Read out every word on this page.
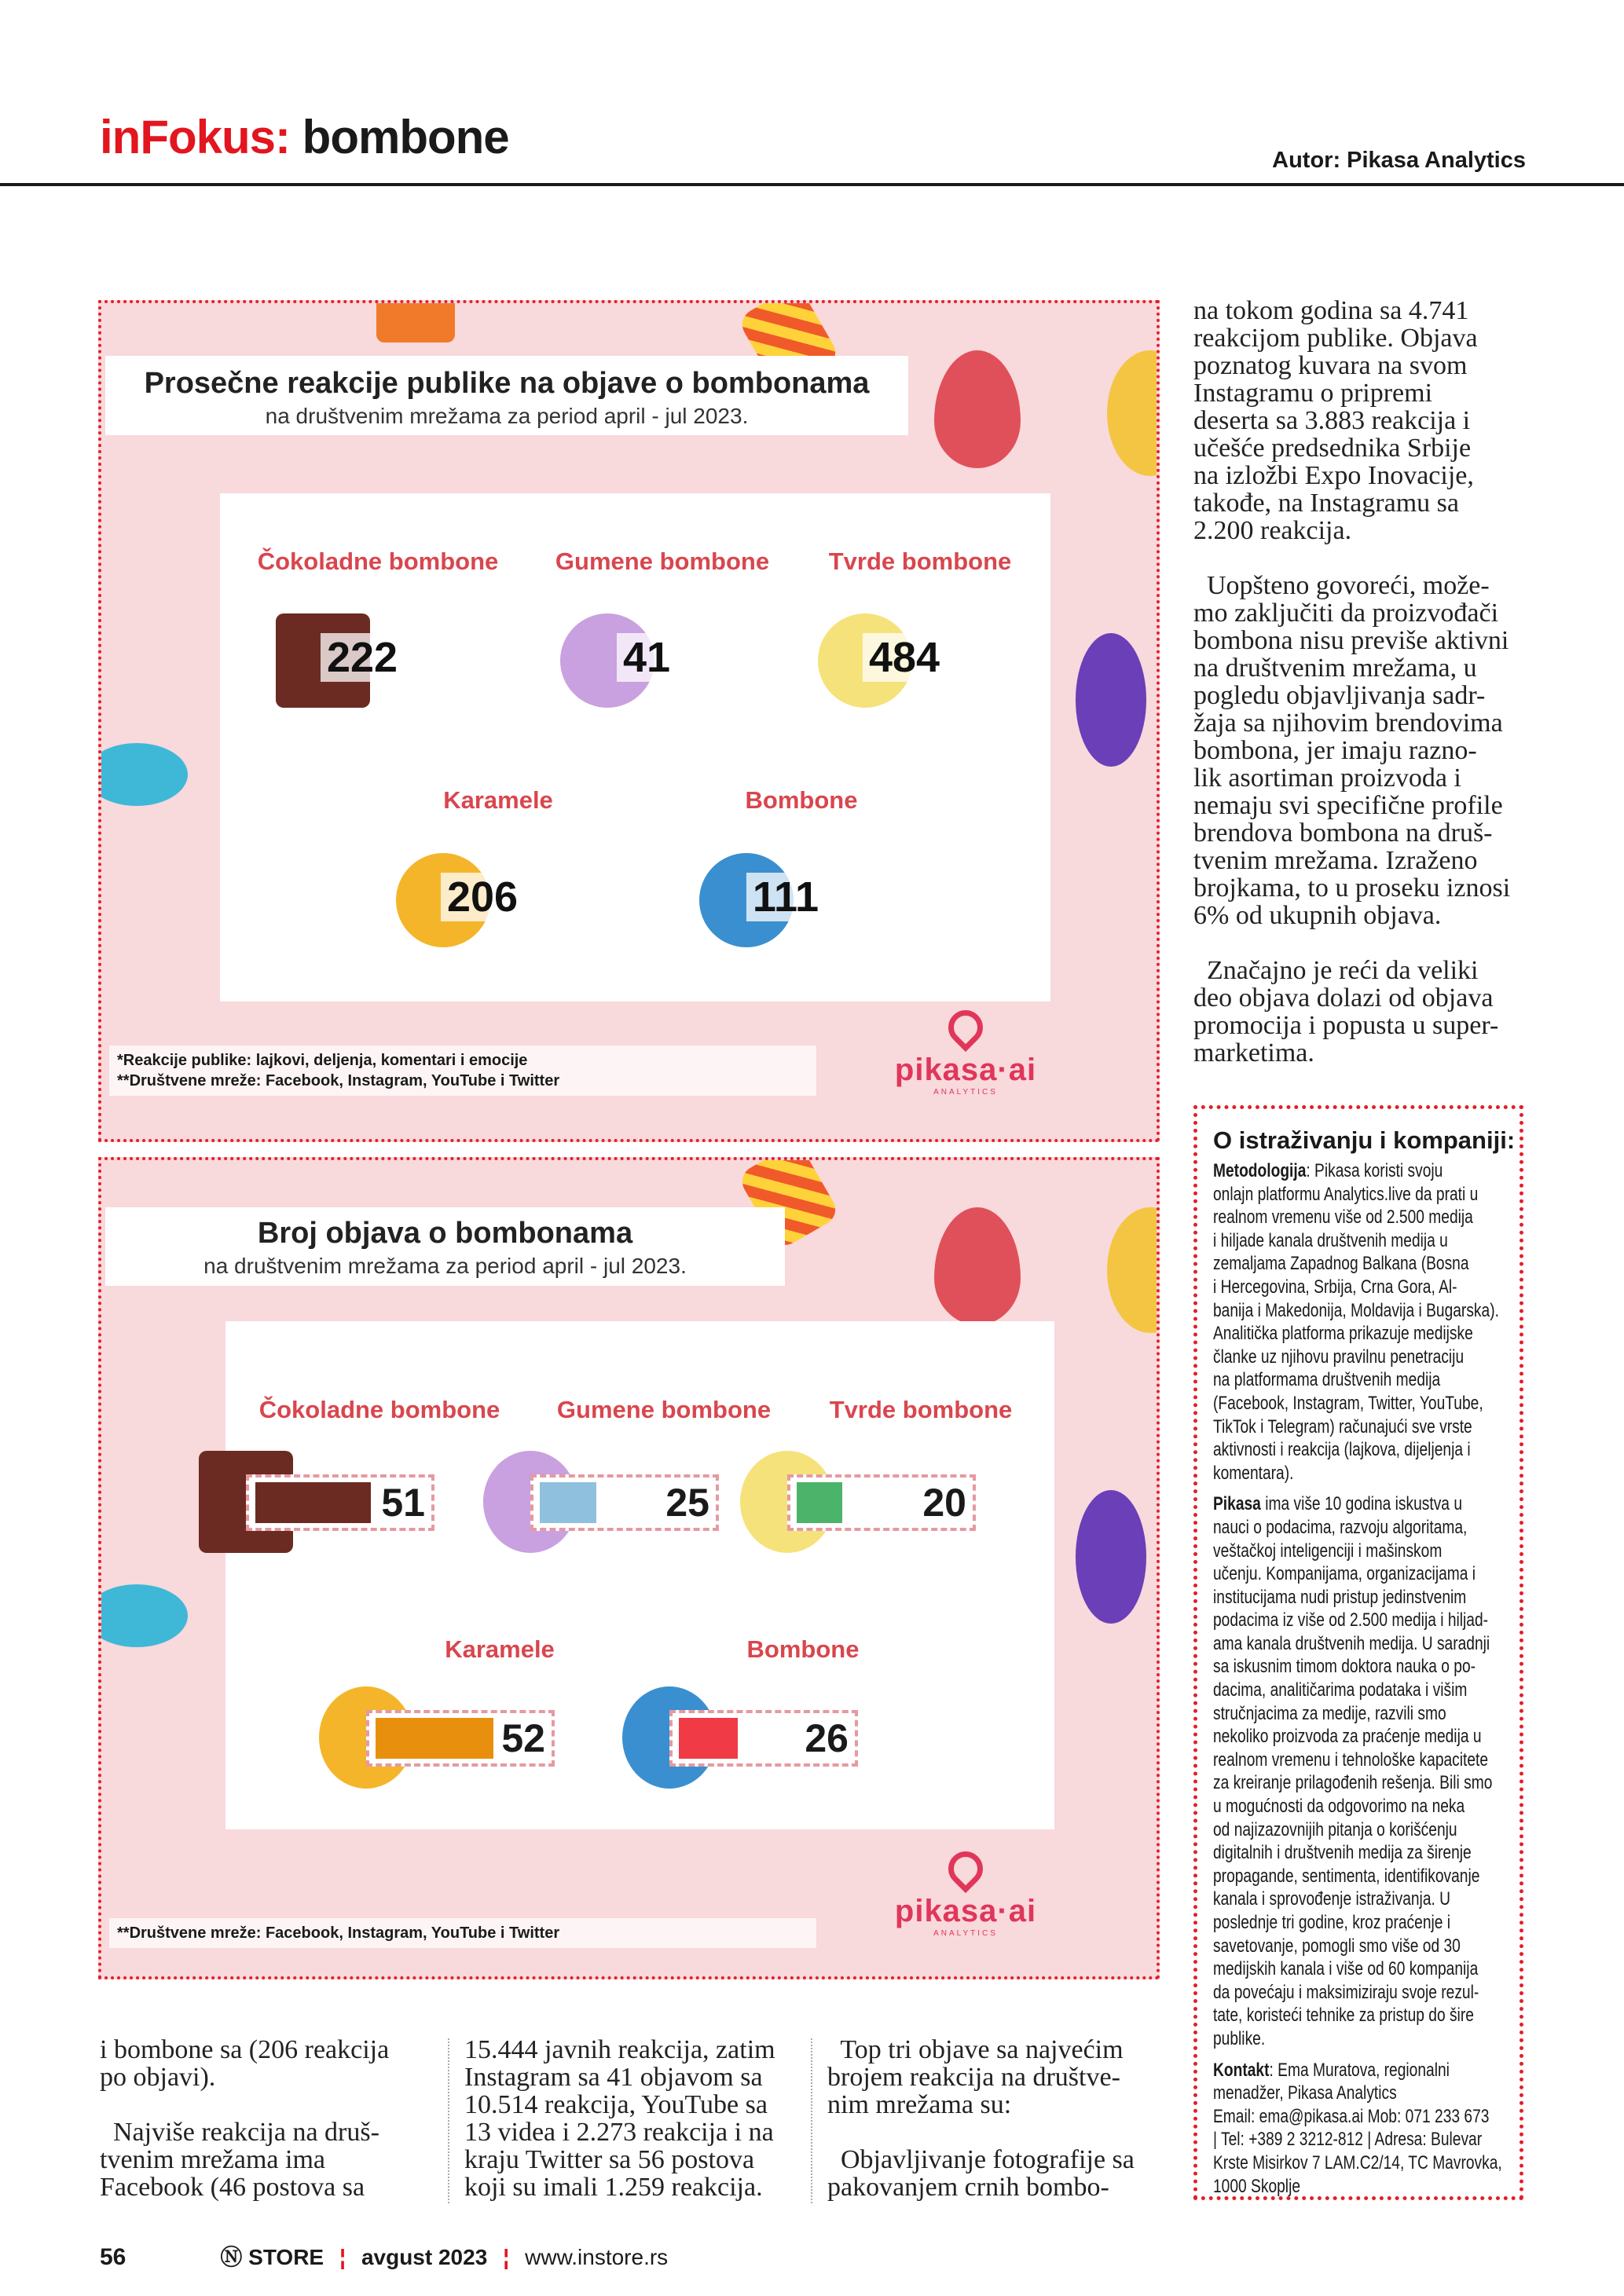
inFokus: bombone	Autor: Pikasa Analytics
Prosečne reakcije publike na objave o bombonama
na društvenim mrežama za period april - jul 2023.
Čokoladne bombone
222
Gumene bombone
41
Tvrde bombone
484
Karamele
206
Bombone
111
*Reakcije publike: lajkovi, deljenja, komentari i emocije
**Društvene mreže: Facebook, Instagram, YouTube i Twitter	pikasa·ai
ANALYTICS
Broj objava o bombonama
na društvenim mrežama za period april - jul 2023.
Čokoladne bombone
51
Gumene bombone
25
Tvrde bombone
20
Karamele
52
Bombone
26
**Društvene mreže: Facebook, Instagram, YouTube i Twitter
pikasa·ai
ANALYTICS
na tokom godina sa 4.741
reakcijom publike. Objava
poznatog kuvara na svom
Instagramu o pripremi
deserta sa 3.883 reakcija i
učešće predsednika Srbije
na izložbi Expo Inovacije,
takođe, na Instagramu sa
2.200 reakcija.
Uopšteno govoreći, može-
mo zaključiti da proizvođači
bombona nisu previše aktivni
na društvenim mrežama, u
pogledu objavljivanja sadr-
žaja sa njihovim brendovima
bombona, jer imaju razno-
lik asortiman proizvoda i
nemaju svi specifične profile
brendova bombona na druš-
tvenim mrežama. Izraženo
brojkama, to u proseku iznosi
6% od ukupnih objava.
Značajno je reći da veliki
deo objava dolazi od objava
promocija i popusta u super-
marketima.
O istraživanju i kompaniji:
Metodologija: Pikasa koristi svoju
onlajn platformu Analytics.live da prati u
realnom vremenu više od 2.500 medija
i hiljade kanala društvenih medija u
zemaljama Zapadnog Balkana (Bosna
i Hercegovina, Srbija, Crna Gora, Al-
banija i Makedonija, Moldavija i Bugarska).
Analitička platforma prikazuje medijske
članke uz njihovu pravilnu penetraciju
na platformama društvenih medija
(Facebook, Instagram, Twitter, YouTube,
TikTok i Telegram) računajući sve vrste
aktivnosti i reakcija (lajkova, dijeljenja i
komentara).
Pikasa ima više 10 godina iskustva u
nauci o podacima, razvoju algoritama,
veštačkoj inteligenciji i mašinskom
učenju. Kompanijama, organizacijama i
institucijama nudi pristup jedinstvenim
podacima iz više od 2.500 medija i hiljad-
ama kanala društvenih medija. U saradnji
sa iskusnim timom doktora nauka o po-
dacima, analitičarima podataka i višim
stručnjacima za medije, razvili smo
nekoliko proizvoda za praćenje medija u
realnom vremenu i tehnološke kapacitete
za kreiranje prilagođenih rešenja. Bili smo
u mogućnosti da odgovorimo na neka
od najizazovnijih pitanja o korišćenju
digitalnih i društvenih medija za širenje
propagande, sentimenta, identifikovanje
kanala i sprovođenje istraživanja. U
poslednje tri godine, kroz praćenje i
savetovanje, pomogli smo više od 30
medijskih kanala i više od 60 kompanija
da povećaju i maksimiziraju svoje rezul-
tate, koristeći tehnike za pristup do šire
publike.
Kontakt: Ema Muratova, regionalni
menadžer, Pikasa Analytics
Email: ema@pikasa.ai Mob: 071 233 673
| Tel: +389 2 3212-812 | Adresa: Bulevar
Krste Misirkov 7 LAM.C2/14, TC Mavrovka,
1000 Skoplje
i bombone sa (206 reakcija
po objavi).
Najviše reakcija na druš-
tvenim mrežama ima
Facebook (46 postova sa
15.444 javnih reakcija, zatim
Instagram sa 41 objavom sa
10.514 reakcija, YouTube sa
13 videa i 2.273 reakcija i na
kraju Twitter sa 56 postova
koji su imali 1.259 reakcija.
Top tri objave sa najvećim
brojem reakcija na društve-
nim mrežama su:
Objavljivanje fotografije sa
pakovanjem crnih bombo-
56	Ⓝ STORE ¦ avgust 2023 ¦ www.instore.rs
